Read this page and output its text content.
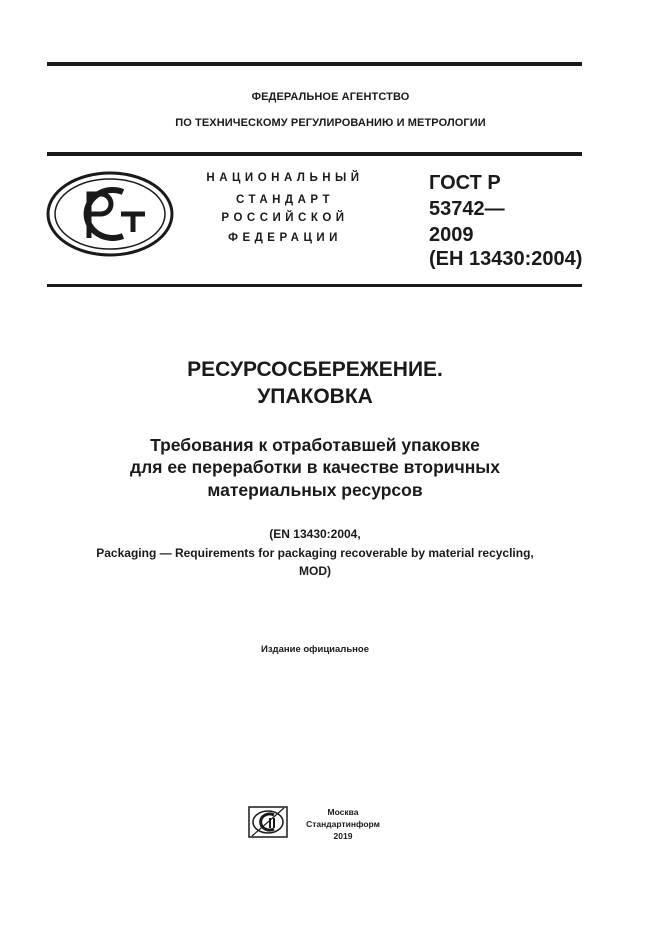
ФЕДЕРАЛЬНОЕ АГЕНТСТВО
ПО ТЕХНИЧЕСКОМУ РЕГУЛИРОВАНИЮ И МЕТРОЛОГИИ
НАЦИОНАЛЬНЫЙ
СТАНДАРТ
РОССИЙСКОЙ
ФЕДЕРАЦИИ
ГОСТ Р
53742—
2009
(ЕН 13430:2004)
РЕСУРСОСБЕРЕЖЕНИЕ.
УПАКОВКА
Требования к отработавшей упаковке
для ее переработки в качестве вторичных
материальных ресурсов
(EN 13430:2004,
Packaging — Requirements for packaging recoverable by material recycling,
MOD)
Издание официальное
Москва
Стандартинформ
2019
